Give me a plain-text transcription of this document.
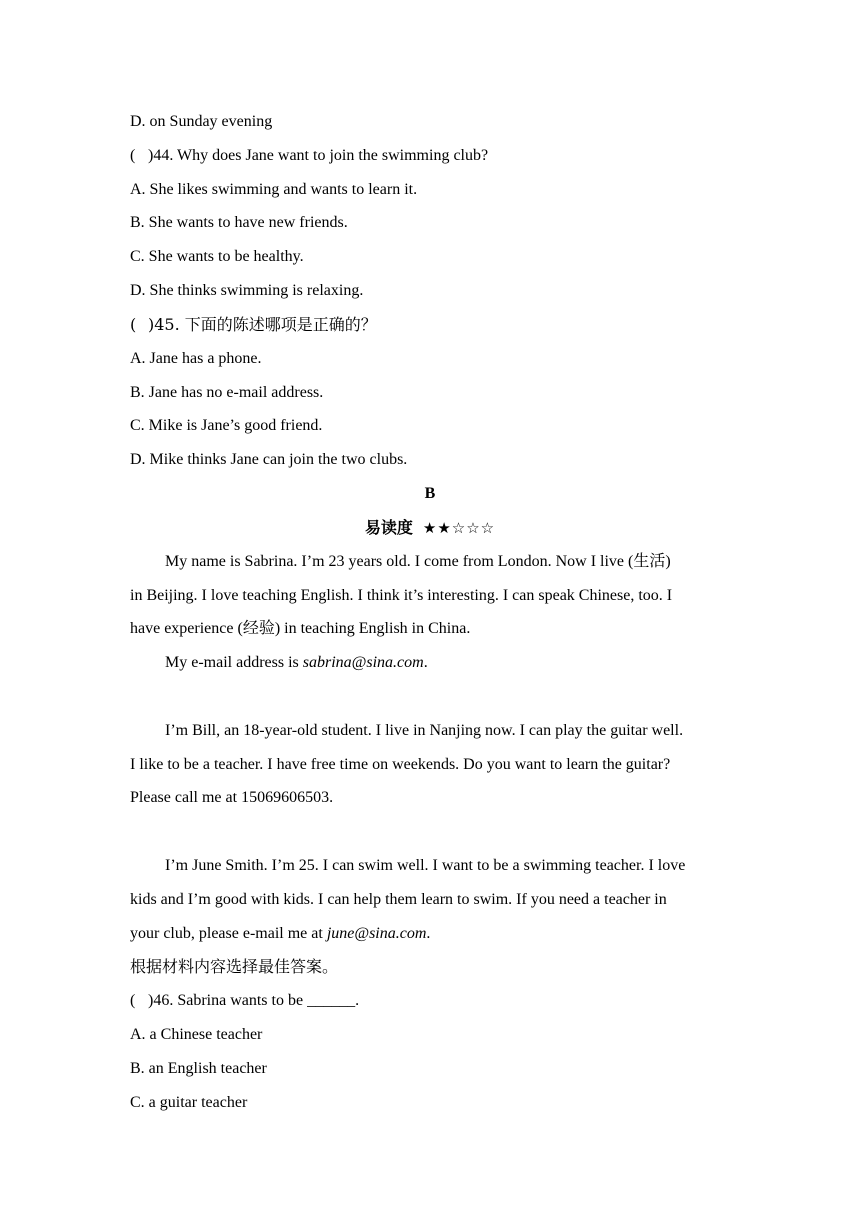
D. on Sunday evening
( )44. Why does Jane want to join the swimming club?
A. She likes swimming and wants to learn it.
B. She wants to have new friends.
C. She wants to be healthy.
D. She thinks swimming is relaxing.
( )45. 下面的陈述哪项是正确的？
A. Jane has a phone.
B. Jane has no e-mail address.
C. Mike is Jane’s good friend.
D. Mike thinks Jane can join the two clubs.
B
易读度 ★★☆☆☆
My name is Sabrina. I’m 23 years old. I come from London. Now I live (生活)
in Beijing. I love teaching English. I think it’s interesting. I can speak Chinese, too. I
have experience (经验) in teaching English in China.
My e-mail address is sabrina@sina.com.
I’m Bill, an 18-year-old student. I live in Nanjing now. I can play the guitar well.
I like to be a teacher. I have free time on weekends. Do you want to learn the guitar?
Please call me at 15069606503.
I’m June Smith. I’m 25. I can swim well. I want to be a swimming teacher. I love
kids and I’m good with kids. I can help them learn to swim. If you need a teacher in
your club, please e-mail me at june@sina.com.
根据材料内容选择最佳答案。
( )46. Sabrina wants to be ______.
A. a Chinese teacher
B. an English teacher
C. a guitar teacher
